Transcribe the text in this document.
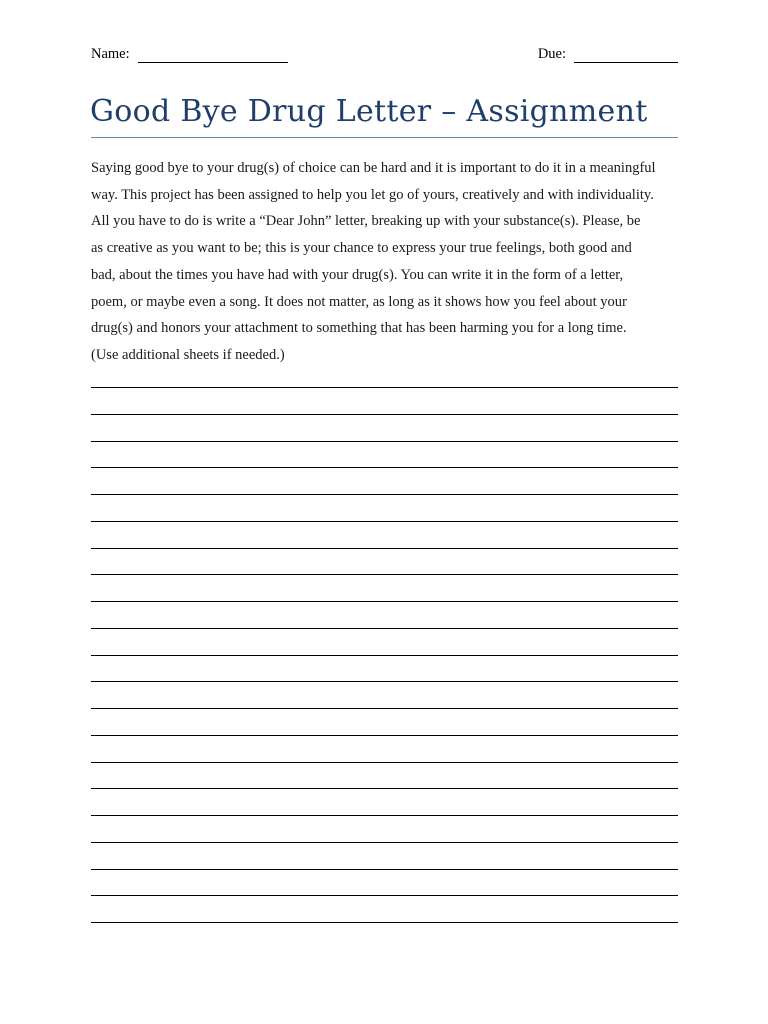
Name:	Due:
Good Bye Drug Letter – Assignment

Saying good bye to your drug(s) of choice can be hard and it is important to do it in a meaningful
way. This project has been assigned to help you let go of yours, creatively and with individuality.
All you have to do is write a “Dear John” letter, breaking up with your substance(s). Please, be
as creative as you want to be; this is your chance to express your true feelings, both good and
bad, about the times you have had with your drug(s). You can write it in the form of a letter,
poem, or maybe even a song. It does not matter, as long as it shows how you feel about your
drug(s) and honors your attachment to something that has been harming you for a long time.
(Use additional sheets if needed.)
